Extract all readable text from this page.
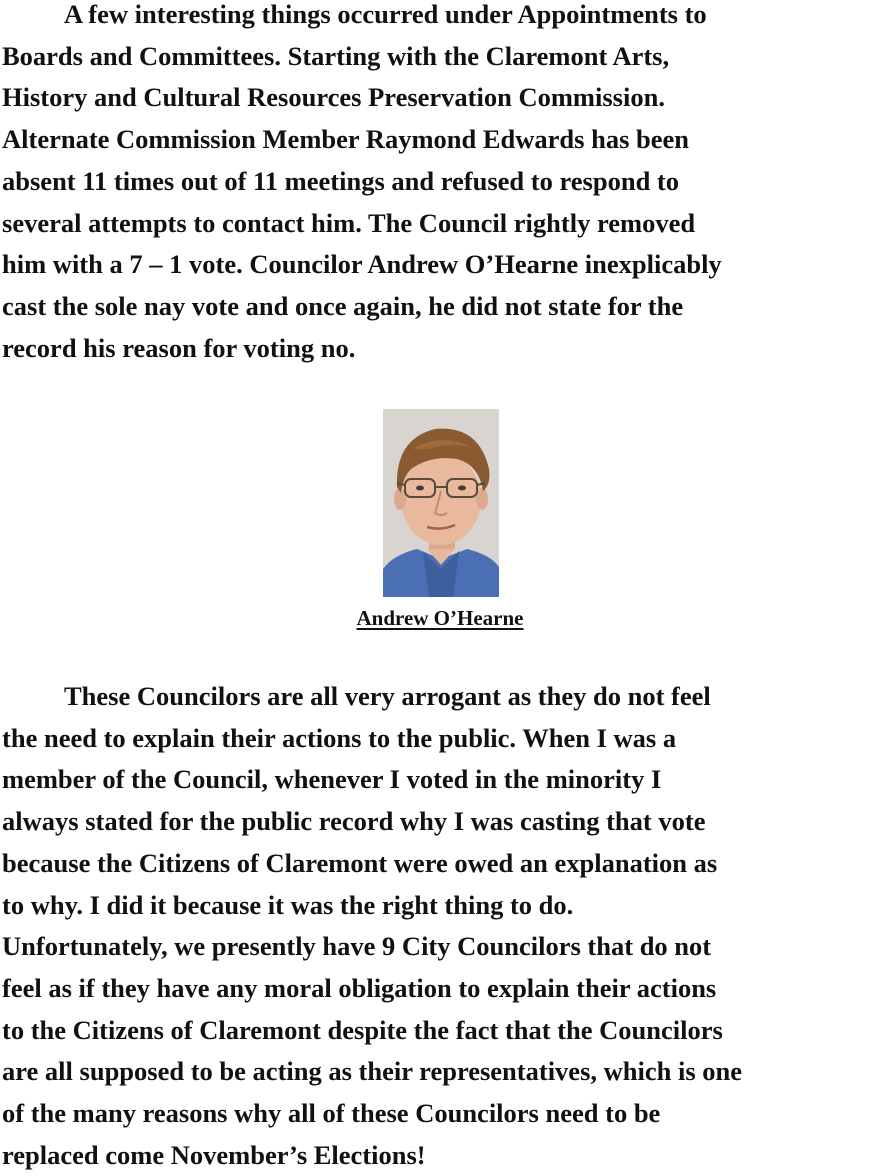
A few interesting things occurred under Appointments to
Boards and Committees. Starting with the Claremont Arts,
History and Cultural Resources Preservation Commission.
Alternate Commission Member Raymond Edwards has been
absent 11 times out of 11 meetings and refused to respond to
several attempts to contact him. The Council rightly removed
him with a 7 – 1 vote. Councilor Andrew O’Hearne inexplicably
cast the sole nay vote and once again, he did not state for the
record his reason for voting no.
Andrew O’Hearne
These Councilors are all very arrogant as they do not feel
the need to explain their actions to the public. When I was a
member of the Council, whenever I voted in the minority I
always stated for the public record why I was casting that vote
because the Citizens of Claremont were owed an explanation as
to why. I did it because it was the right thing to do.
Unfortunately, we presently have 9 City Councilors that do not
feel as if they have any moral obligation to explain their actions
to the Citizens of Claremont despite the fact that the Councilors
are all supposed to be acting as their representatives, which is one
of the many reasons why all of these Councilors need to be
replaced come November’s Elections!
